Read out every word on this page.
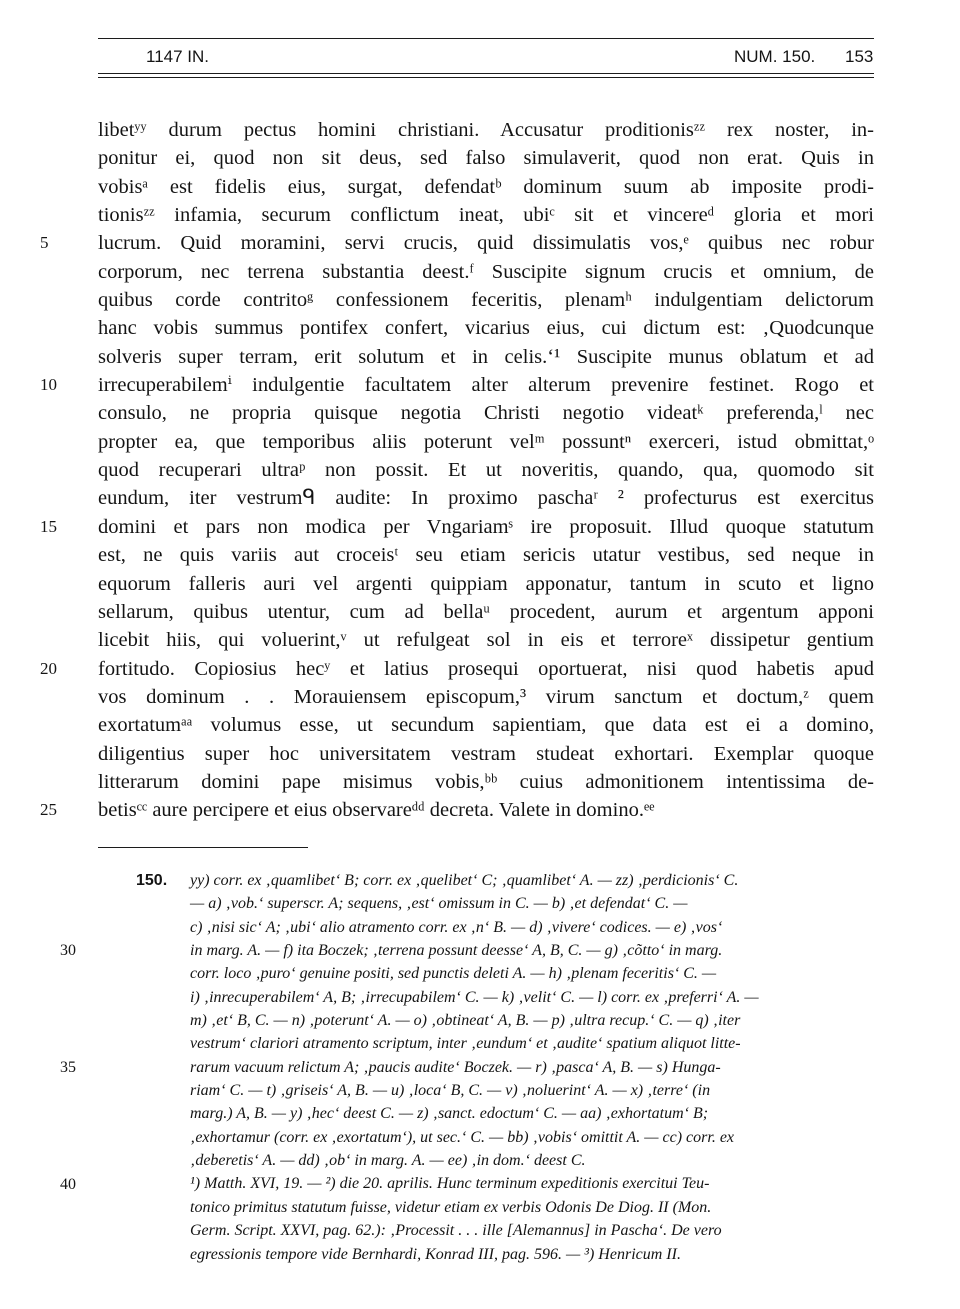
1147 IN.	NUM. 150. 153
libetʸʸ durum pectus homini christiani. Accusatur proditionisᶻᶻ rex noster, in-
ponitur ei, quod non sit deus, sed falso simulaverit, quod non erat. Quis in
vobisᵃ est fidelis eius, surgat, defendatᵇ dominum suum ab imposite prodi-
tionisᶻᶻ infamia, securum conflictum ineat, ubiᶜ sit et vincereᵈ gloria et mori
lucrum. Quid moramini, servi crucis, quid dissimulatis vos,ᵉ quibus nec robur
corporum, nec terrena substantia deest.ᶠ Suscipite signum crucis et omnium, de
quibus corde contritoᵍ confessionem feceritis, plenamʰ indulgentiam delictorum
hanc vobis summus pontifex confert, vicarius eius, cui dictum est: ‚Quodcunque
solveris super terram, erit solutum et in celis.‘¹ Suscipite munus oblatum et ad
irrecuperabilemⁱ indulgentie facultatem alter alterum prevenire festinet. Rogo et
consulo, ne propria quisque negotia Christi negotio videatᵏ preferenda,ˡ nec
propter ea, que temporibus aliis poterunt velᵐ possuntⁿ exerceri, istud obmittat,ᵒ
quod recuperari ultraᵖ non possit. Et ut noveritis, quando, qua, quomodo sit
eundum, iter vestrumᑫ audite: In proximo paschaʳ ² profecturus est exercitus
domini et pars non modica per Vngariamˢ ire proposuit. Illud quoque statutum
est, ne quis variis aut croceisᵗ seu etiam sericis utatur vestibus, sed neque in
equorum falleris auri vel argenti quippiam apponatur, tantum in scuto et ligno
sellarum, quibus utentur, cum ad bellaᵘ procedent, aurum et argentum apponi
licebit hiis, qui voluerint,ᵛ ut refulgeat sol in eis et terroreˣ dissipetur gentium
fortitudo. Copiosius hecʸ et latius prosequi oportuerat, nisi quod habetis apud
vos dominum . . Morauiensem episcopum,³ virum sanctum et doctum,ᶻ quem
exortatumᵃᵃ volumus esse, ut secundum sapientiam, que data est ei a domino,
diligentius super hoc universitatem vestram studeat exhortari. Exemplar quoque
litterarum domini pape misimus vobis,ᵇᵇ cuius admonitionem intentissima de-
betisᶜᶜ aure percipere et eius observareᵈᵈ decreta. Valete in domino.ᵉᵉ
5
10
15
20
25
150. yy) corr. ex ‚quamlibet‘ B; corr. ex ‚quelibet‘ C; ‚quamlibet‘ A. — zz) ‚perdicionis‘ C.
— a) ‚vob.‘ superscr. A; sequens, ‚est‘ omissum in C. — b) ‚et defendat‘ C. —
c) ‚nisi sic‘ A; ‚ubi‘ alio atramento corr. ex ‚n‘ B. — d) ‚vivere‘ codices. — e) ‚vos‘
in marg. A. — f) ita Boczek; ‚terrena possunt deesse‘ A, B, C. — g) ‚cõtto‘ in marg.
corr. loco ‚puro‘ genuine positi, sed punctis deleti A. — h) ‚plenam feceritis‘ C. —
i) ‚inrecuperabilem‘ A, B; ‚irrecupabilem‘ C. — k) ‚velit‘ C. — l) corr. ex ‚preferri‘ A. —
m) ‚et‘ B, C. — n) ‚poterunt‘ A. — o) ‚obtineat‘ A, B. — p) ‚ultra recup.‘ C. — q) ‚iter
vestrum‘ clariori atramento scriptum, inter ‚eundum‘ et ‚audite‘ spatium aliquot litte-
rarum vacuum relictum A; ‚paucis audite‘ Boczek. — r) ‚pasca‘ A, B. — s) Hunga-
riam‘ C. — t) ‚griseis‘ A, B. — u) ‚loca‘ B, C. — v) ‚noluerint‘ A. — x) ‚terre‘ (in
marg.) A, B. — y) ‚hec‘ deest C. — z) ‚sanct. edoctum‘ C. — aa) ‚exhortatum‘ B;
‚exhortamur (corr. ex ‚exortatum‘), ut sec.‘ C. — bb) ‚vobis‘ omittit A. — cc) corr. ex
‚deberetis‘ A. — dd) ‚ob‘ in marg. A. — ee) ‚in dom.‘ deest C.
¹) Matth. XVI, 19. — ²) die 20. aprilis. Hunc terminum expeditionis exercitui Teu-
tonico primitus statutum fuisse, videtur etiam ex verbis Odonis De Diog. II (Mon.
Germ. Script. XXVI, pag. 62.): ‚Processit . . . ille [Alemannus] in Pascha‘. De vero
egressionis tempore vide Bernhardi, Konrad III, pag. 596. — ³) Henricum II.
30
35
40
